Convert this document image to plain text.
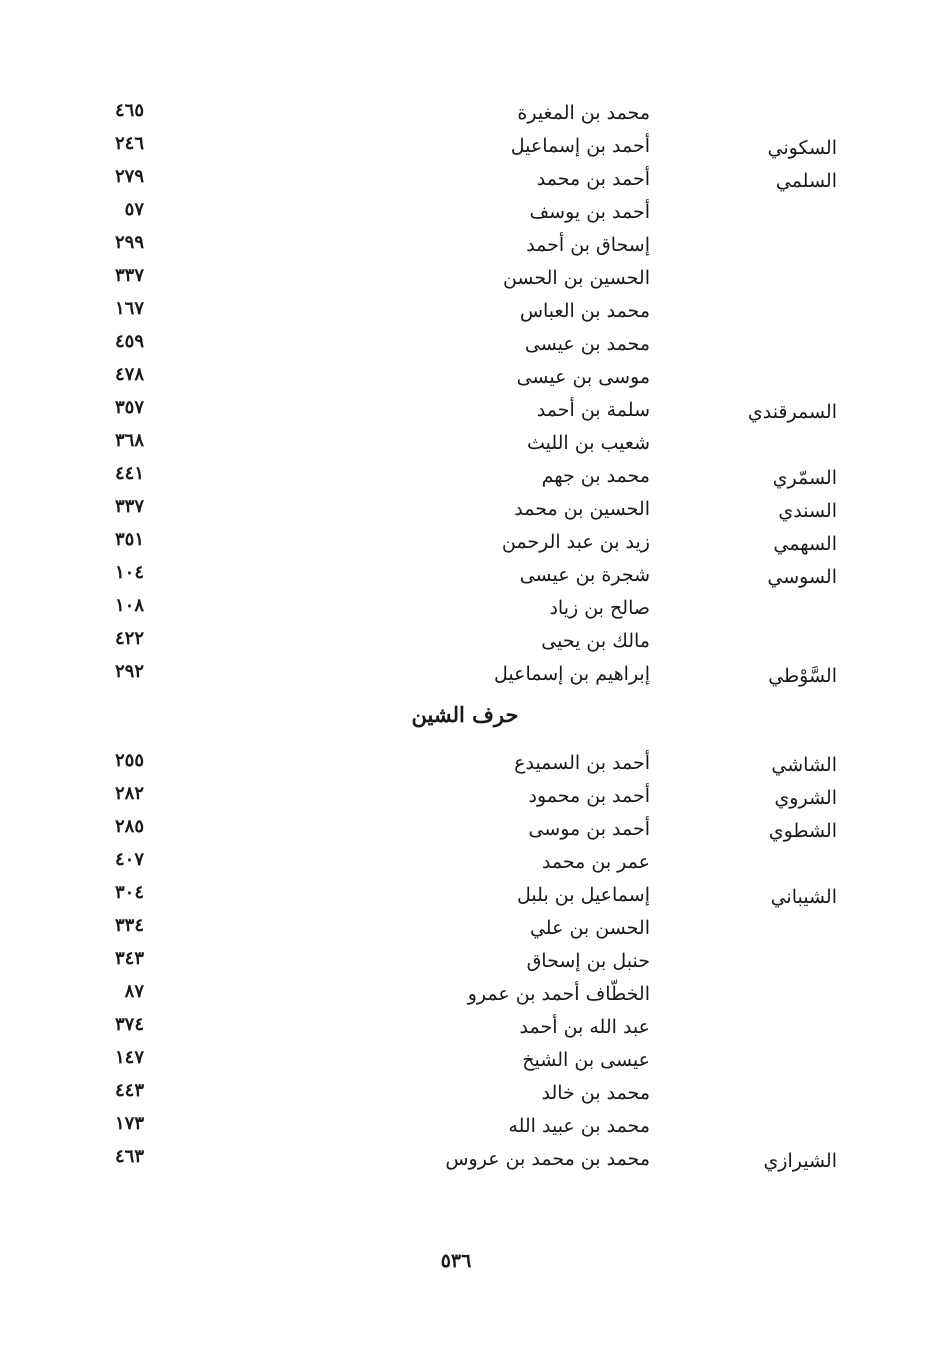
محمد بن المغيرة
٤٦٥
السكوني
أحمد بن إسماعيل
٢٤٦
السلمي
أحمد بن محمد
٢٧٩
أحمد بن يوسف
٥٧
إسحاق بن أحمد
٢٩٩
الحسين بن الحسن
٣٣٧
محمد بن العباس
١٦٧
محمد بن عيسى
٤٥٩
موسى بن عيسى
٤٧٨
السمرقندي
سلمة بن أحمد
٣٥٧
شعيب بن الليث
٣٦٨
السمّري
محمد بن جهم
٤٤١
السندي
الحسين بن محمد
٣٣٧
السهمي
زيد بن عبد الرحمن
٣٥١
السوسي
شجرة بن عيسى
١٠٤
صالح بن زياد
١٠٨
مالك بن يحيى
٤٢٢
السَّوْطي
إبراهيم بن إسماعيل
٢٩٢
حرف الشين
الشاشي
أحمد بن السميدع
٢٥٥
الشروي
أحمد بن محمود
٢٨٢
الشطوي
أحمد بن موسى
٢٨٥
عمر بن محمد
٤٠٧
الشيباني
إسماعيل بن بلبل
٣٠٤
الحسن بن علي
٣٣٤
حنبل بن إسحاق
٣٤٣
الخطّاف أحمد بن عمرو
٨٧
عبد الله بن أحمد
٣٧٤
عيسى بن الشيخ
١٤٧
محمد بن خالد
٤٤٣
محمد بن عبيد الله
١٧٣
الشيرازي
محمد بن محمد بن عروس
٤٦٣
٥٣٦
